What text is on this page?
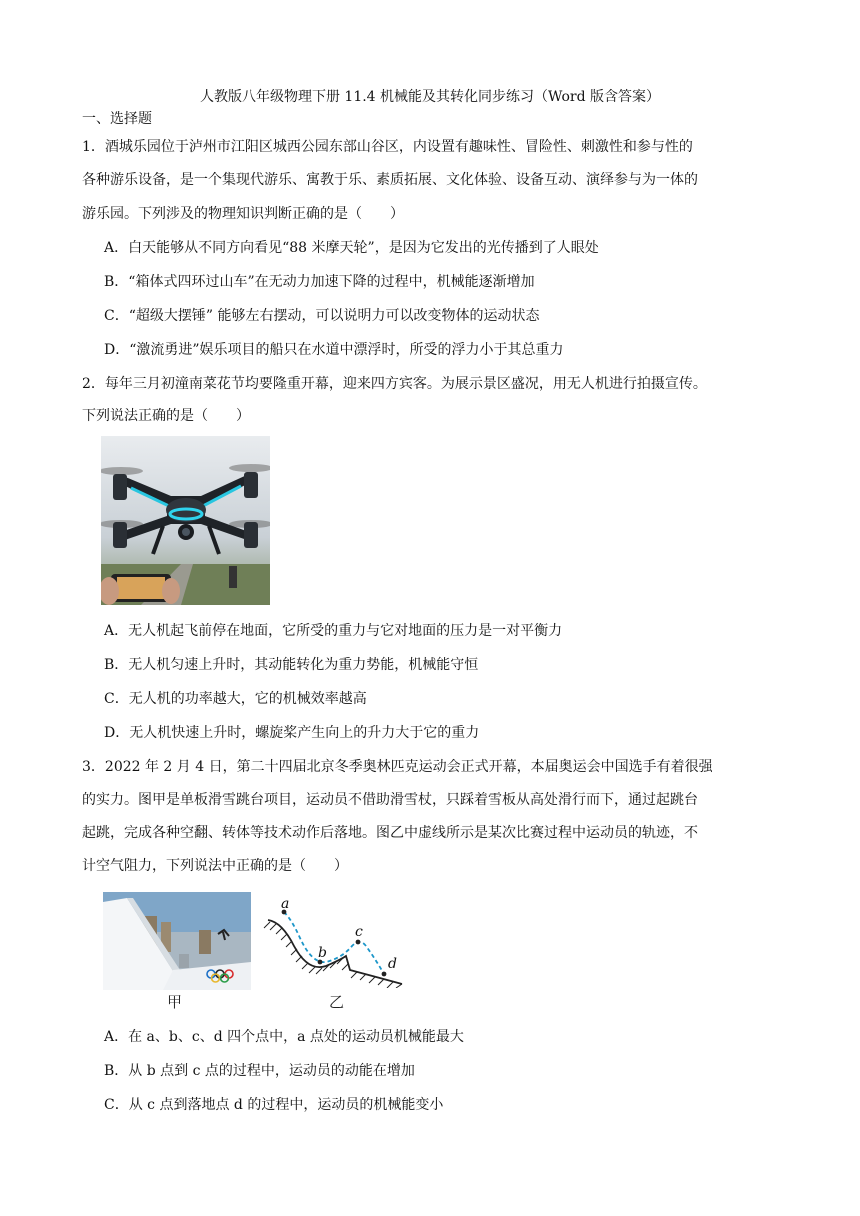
人教版八年级物理下册 11.4 机械能及其转化同步练习（Word 版含答案）
一、选择题
1．酒城乐园位于泸州市江阳区城西公园东部山谷区，内设置有趣味性、冒险性、刺激性和参与性的
各种游乐设备，是一个集现代游乐、寓教于乐、素质拓展、文化体验、设备互动、演绎参与为一体的
游乐园。下列涉及的物理知识判断正确的是（　　）
A．白天能够从不同方向看见“88 米摩天轮”，是因为它发出的光传播到了人眼处
B．“箱体式四环过山车”在无动力加速下降的过程中，机械能逐渐增加
C．“超级大摆锤” 能够左右摆动，可以说明力可以改变物体的运动状态
D．“激流勇进”娱乐项目的船只在水道中漂浮时，所受的浮力小于其总重力
2．每年三月初潼南菜花节均要隆重开幕，迎来四方宾客。为展示景区盛况，用无人机进行拍摄宣传。
下列说法正确的是（　　）
A．无人机起飞前停在地面，它所受的重力与它对地面的压力是一对平衡力
B．无人机匀速上升时，其动能转化为重力势能，机械能守恒
C．无人机的功率越大，它的机械效率越高
D．无人机快速上升时，螺旋桨产生向上的升力大于它的重力
3．2022 年 2 月 4 日，第二十四届北京冬季奥林匹克运动会正式开幕，本届奥运会中国选手有着很强
的实力。图甲是单板滑雪跳台项目，运动员不借助滑雪杖，只踩着雪板从高处滑行而下，通过起跳台
起跳，完成各种空翻、转体等技术动作后落地。图乙中虚线所示是某次比赛过程中运动员的轨迹，不
计空气阻力，下列说法中正确的是（　　）
甲
a
b
c
d
乙
A．在 a、b、c、d 四个点中，a 点处的运动员机械能最大
B．从 b 点到 c 点的过程中，运动员的动能在增加
C．从 c 点到落地点 d 的过程中，运动员的机械能变小
